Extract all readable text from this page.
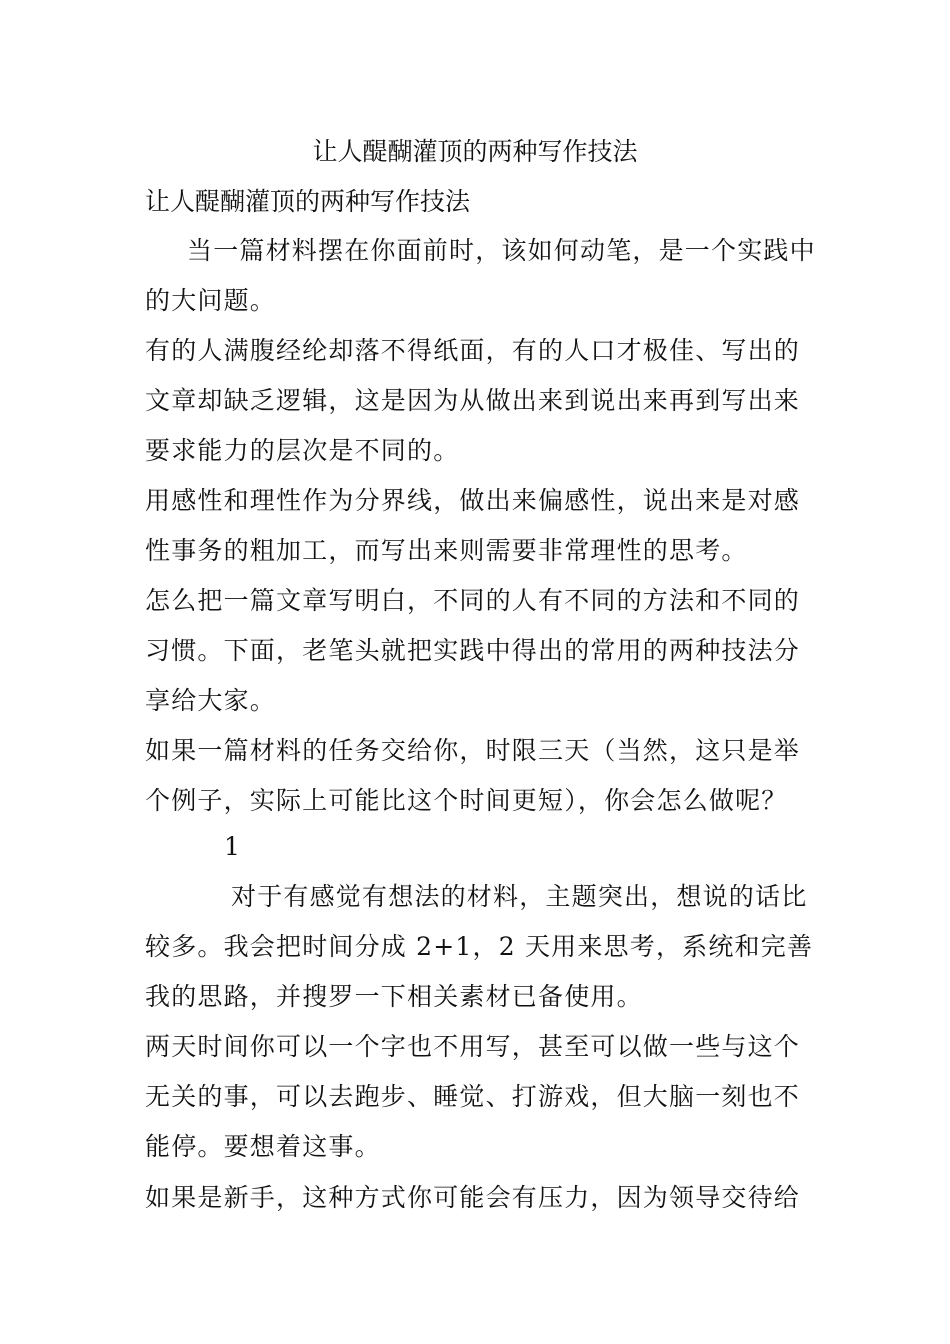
让人醍醐灌顶的两种写作技法
让人醍醐灌顶的两种写作技法
当一篇材料摆在你面前时，该如何动笔，是一个实践中
的大问题。
有的人满腹经纶却落不得纸面，有的人口才极佳、写出的
文章却缺乏逻辑，这是因为从做出来到说出来再到写出来
要求能力的层次是不同的。
用感性和理性作为分界线，做出来偏感性，说出来是对感
性事务的粗加工，而写出来则需要非常理性的思考。
怎么把一篇文章写明白，不同的人有不同的方法和不同的
习惯。下面，老笔头就把实践中得出的常用的两种技法分
享给大家。
如果一篇材料的任务交给你，时限三天（当然，这只是举
个例子，实际上可能比这个时间更短），你会怎么做呢？
1
对于有感觉有想法的材料，主题突出，想说的话比
较多。我会把时间分成 2+1，2 天用来思考，系统和完善
我的思路，并搜罗一下相关素材已备使用。
两天时间你可以一个字也不用写，甚至可以做一些与这个
无关的事，可以去跑步、睡觉、打游戏，但大脑一刻也不
能停。要想着这事。
如果是新手，这种方式你可能会有压力，因为领导交待给
